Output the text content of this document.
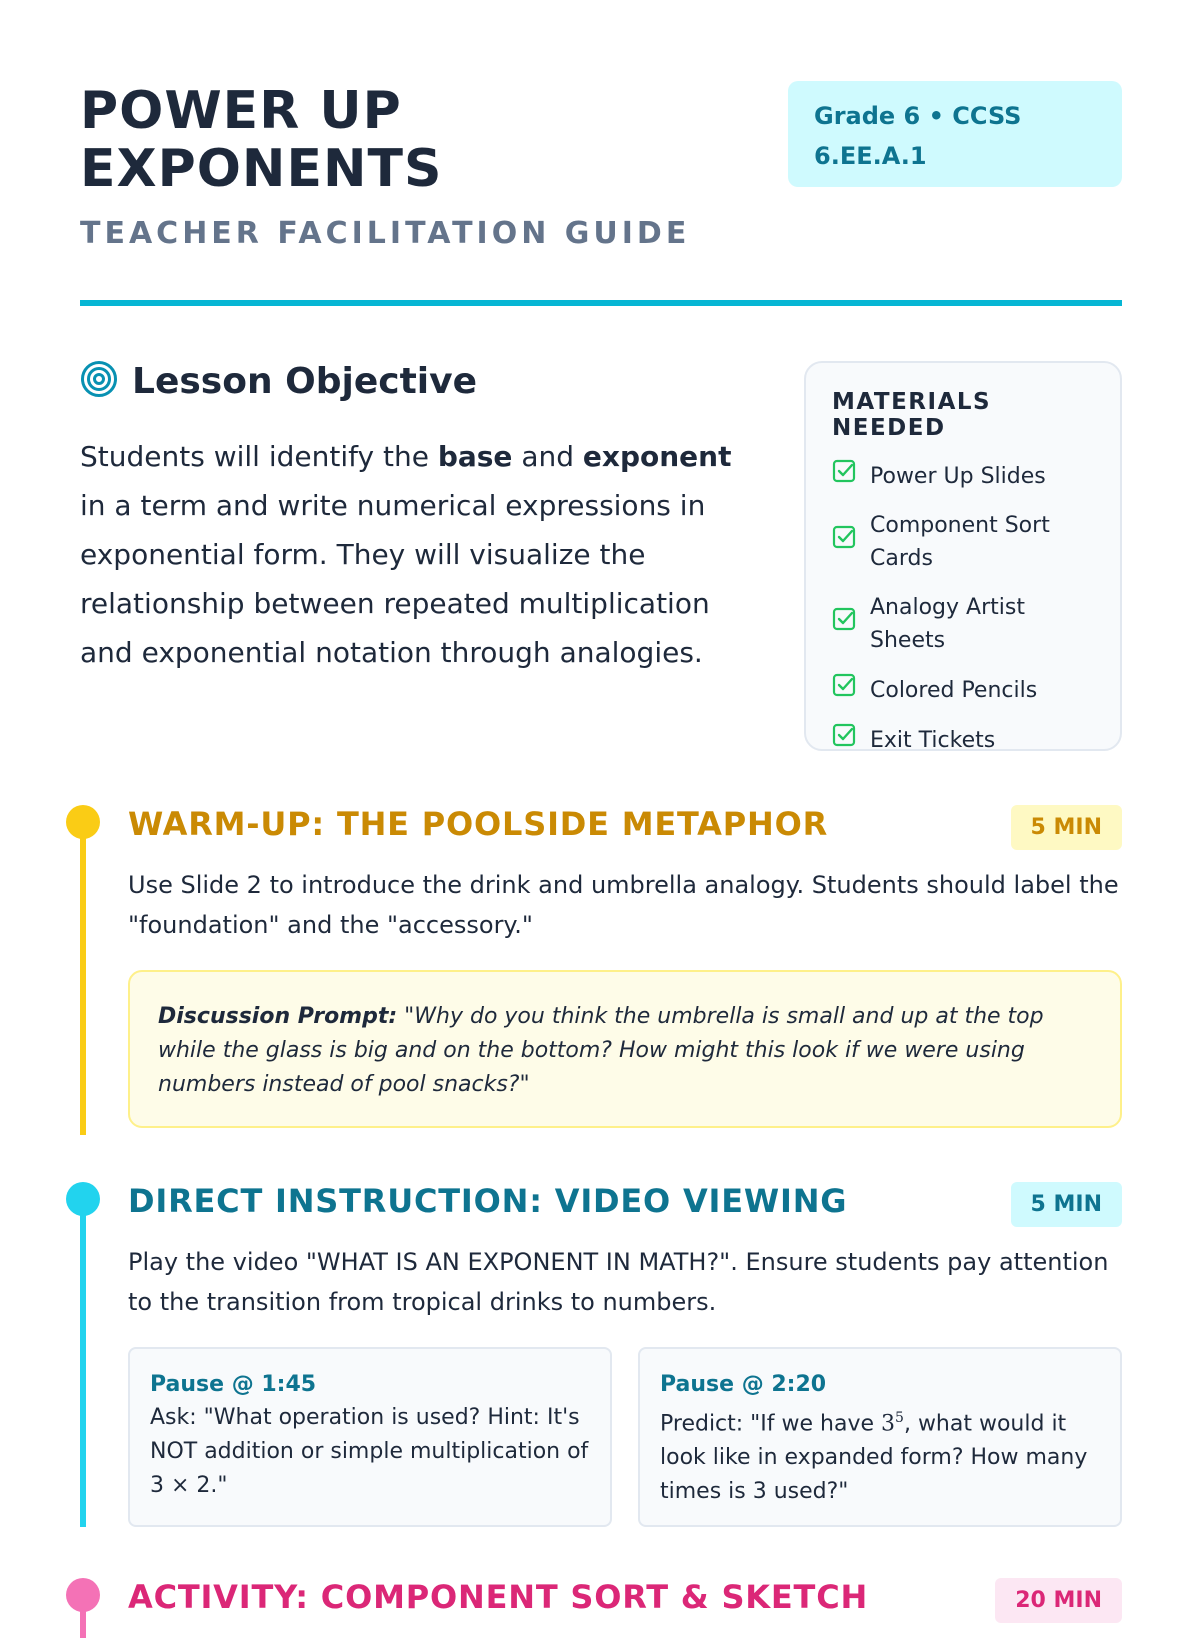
POWER UP
EXPONENTS
TEACHER FACILITATION GUIDE
Grade 6 • CCSS
6.EE.A.1
Lesson Objective

Students will identify the base and exponent in a term and write numerical expressions in exponential form. They will visualize the relationship between repeated multiplication and exponential notation through analogies.

MATERIALS NEEDED
Power Up Slides
Component Sort Cards
Analogy Artist Sheets
Colored Pencils
Exit Tickets
WARM-UP: THE POOLSIDE METAPHOR	5 MIN

Use Slide 2 to introduce the drink and umbrella analogy. Students should label the "foundation" and the "accessory."

Discussion Prompt: "Why do you think the umbrella is small and up at the top while the glass is big and on the bottom? How might this look if we were using numbers instead of pool snacks?"
DIRECT INSTRUCTION: VIDEO VIEWING	5 MIN

Play the video "WHAT IS AN EXPONENT IN MATH?". Ensure students pay attention to the transition from tropical drinks to numbers.

Pause @ 1:45
Ask: "What operation is used? Hint: It's NOT addition or simple multiplication of 3 × 2."
Pause @ 2:20
Predict: "If we have $3^5$, what would it look like in expanded form? How many times is 3 used?"
ACTIVITY: COMPONENT SORT & SKETCH	20 MIN
